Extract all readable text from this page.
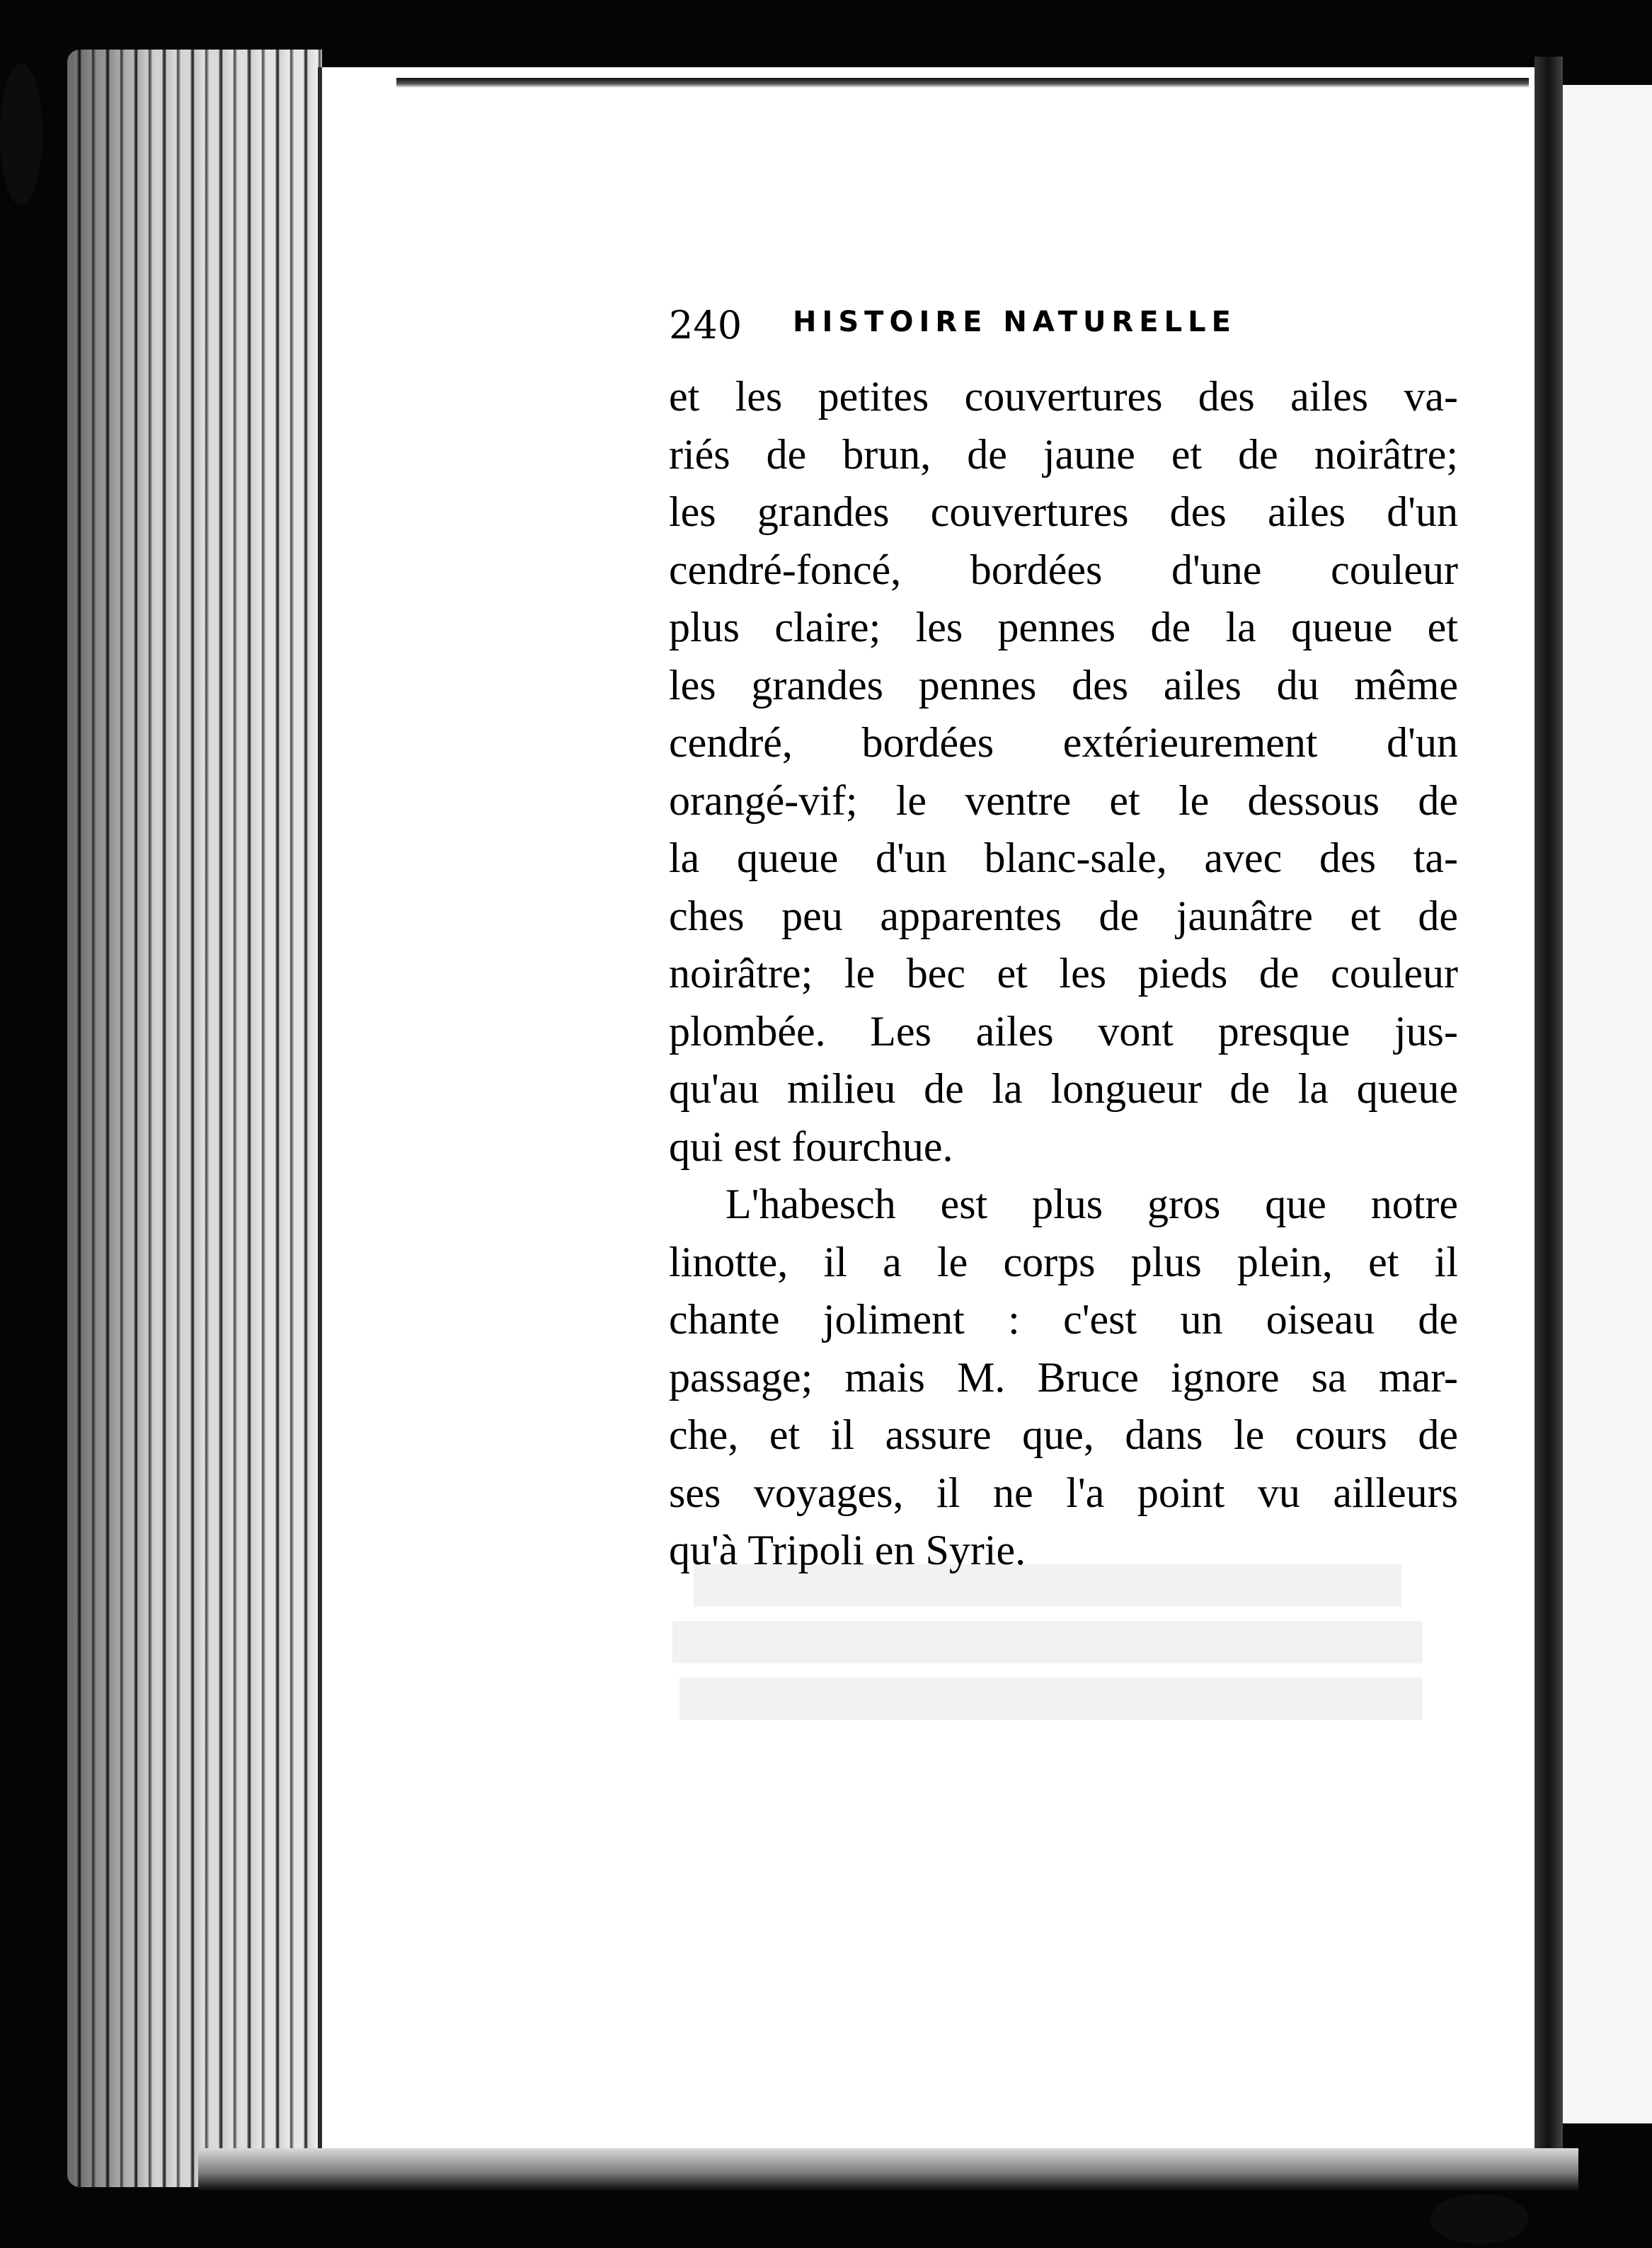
240 HISTOIRE NATURELLE
et les petites couvertures des ailes va-
riés de brun, de jaune et de noirâtre;
les grandes couvertures des ailes d'un
cendré-foncé, bordées d'une couleur
plus claire; les pennes de la queue et
les grandes pennes des ailes du même
cendré, bordées extérieurement d'un
orangé-vif; le ventre et le dessous de
la queue d'un blanc-sale, avec des ta-
ches peu apparentes de jaunâtre et de
noirâtre; le bec et les pieds de couleur
plombée. Les ailes vont presque jus-
qu'au milieu de la longueur de la queue
qui est fourchue.
L'habesch est plus gros que notre
linotte, il a le corps plus plein, et il
chante joliment : c'est un oiseau de
passage; mais M. Bruce ignore sa mar-
che, et il assure que, dans le cours de
ses voyages, il ne l'a point vu ailleurs
qu'à Tripoli en Syrie.
